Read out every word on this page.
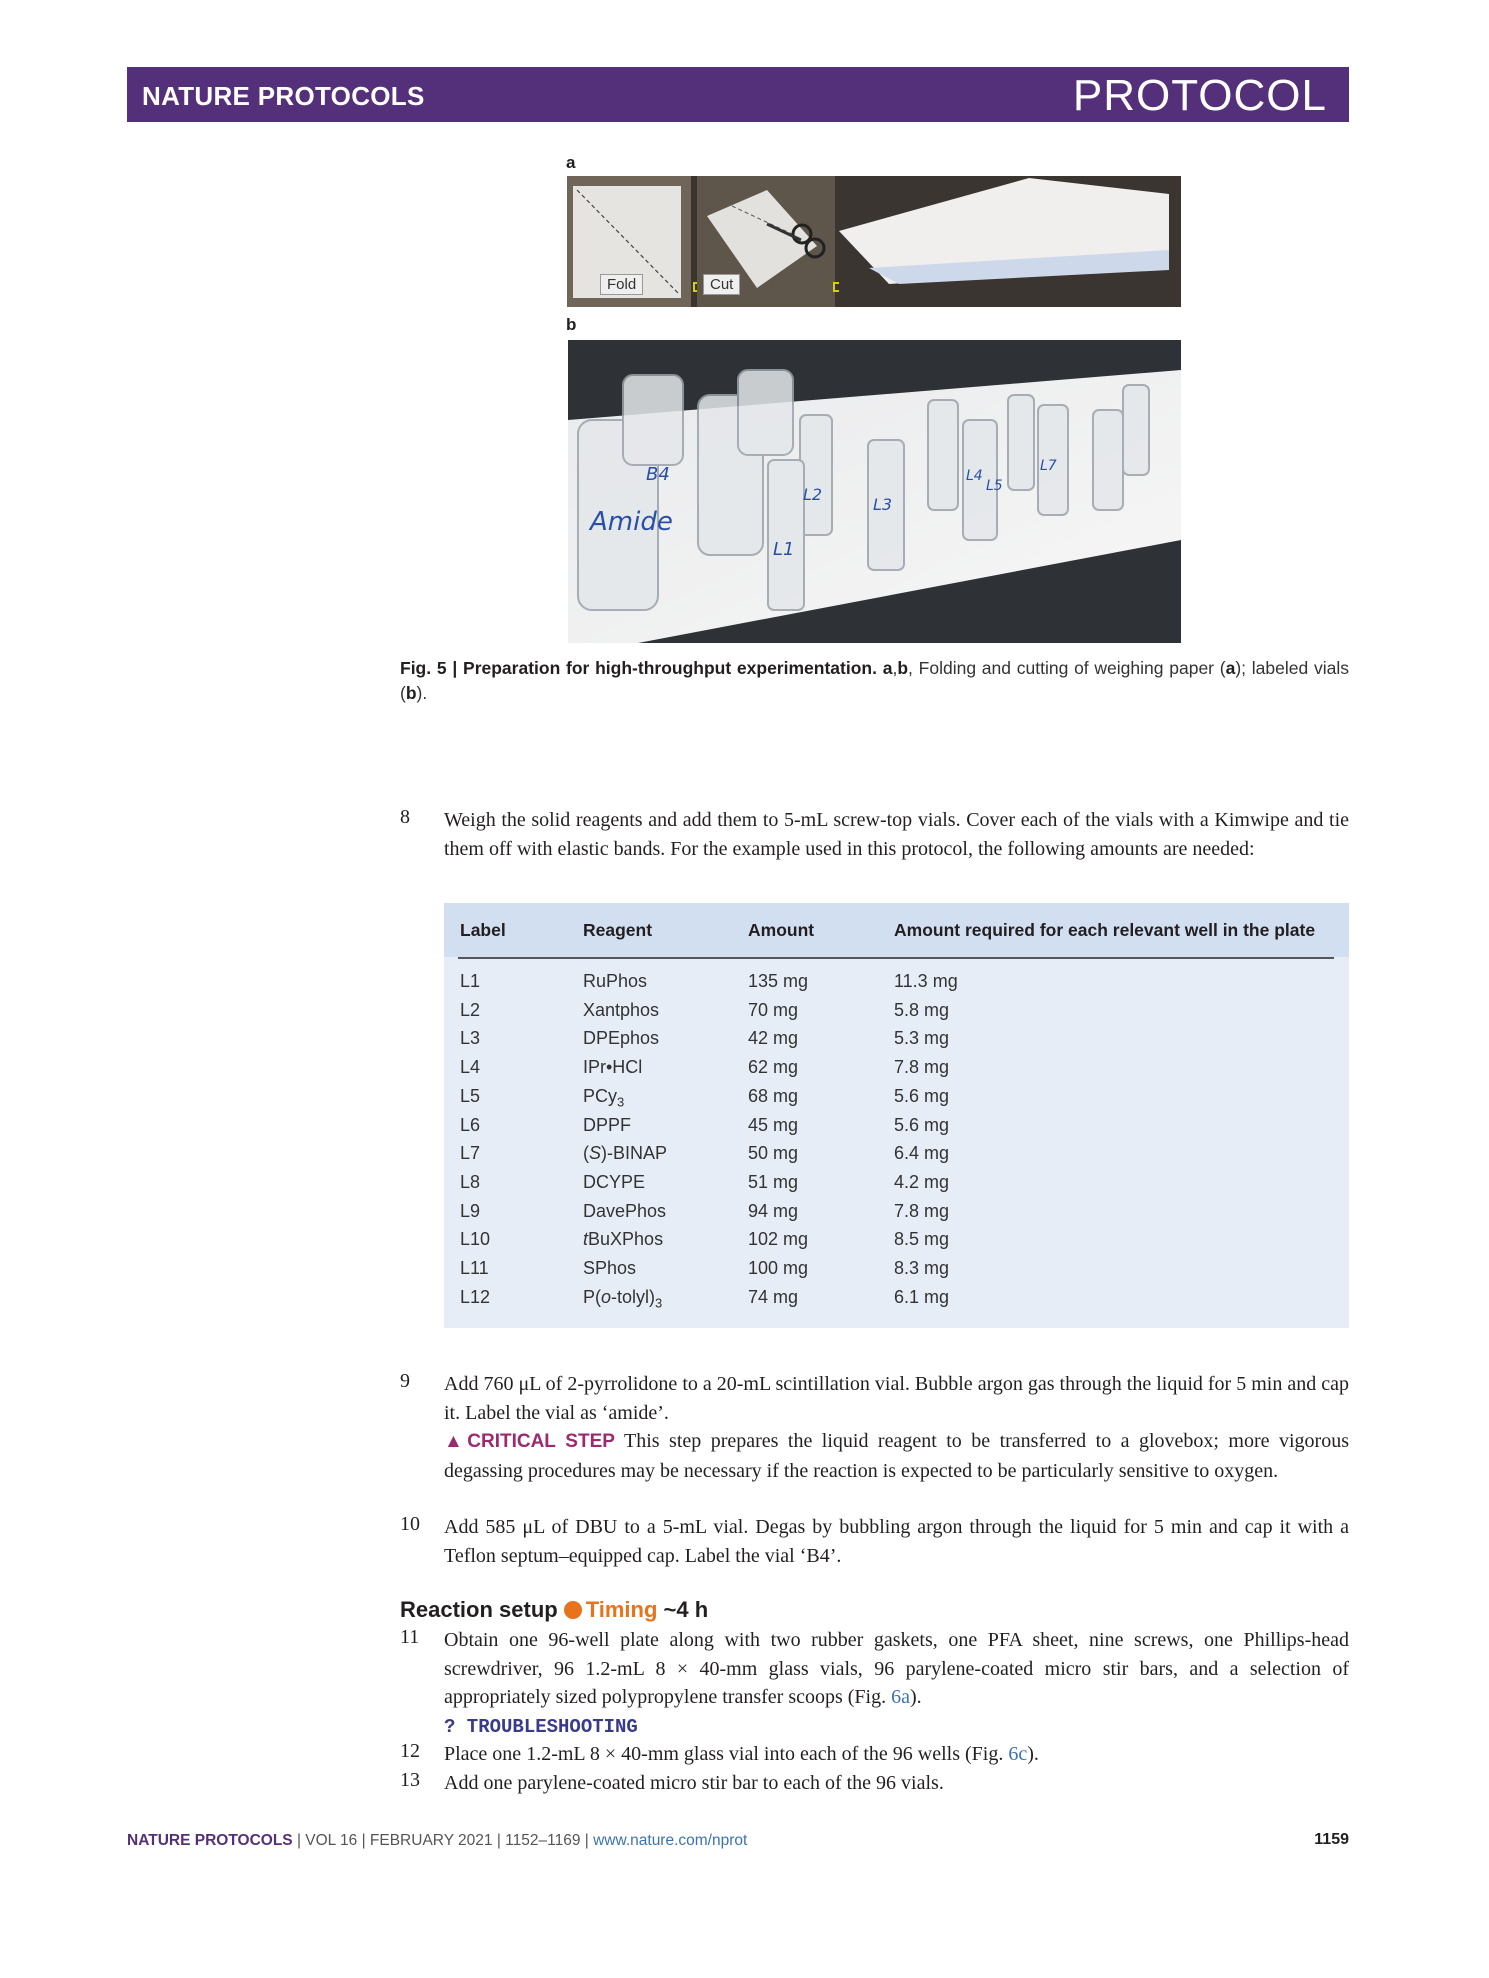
NATURE PROTOCOLS	PROTOCOL
a
Fold	Cut
b
Amide
B4
L1
L2
L3
L4
L5
L7
Fig. 5 | Preparation for high-throughput experimentation. a,b, Folding and cutting of weighing paper (a); labeled vials (b).
8 Weigh the solid reagents and add them to 5-mL screw-top vials. Cover each of the vials with a Kimwipe and tie them off with elastic bands. For the example used in this protocol, the following amounts are needed:
Label	Reagent	Amount	Amount required for each relevant well in the plate
L1	RuPhos	135 mg	11.3 mg
L2	Xantphos	70 mg	5.8 mg
L3	DPEphos	42 mg	5.3 mg
L4	IPr•HCl	62 mg	7.8 mg
L5	PCy$_3$	68 mg	5.6 mg
L6	DPPF	45 mg	5.6 mg
L7	(S)-BINAP	50 mg	6.4 mg
L8	DCYPE	51 mg	4.2 mg
L9	DavePhos	94 mg	7.8 mg
L10	tBuXPhos	102 mg	8.5 mg
L11	SPhos	100 mg	8.3 mg
L12	$P(o-tolyl)_3$	74 mg	6.1 mg
9 Add 760 μL of 2-pyrrolidone to a 20-mL scintillation vial. Bubble argon gas through the liquid for 5 min and cap it. Label the vial as ‘amide’.
▲CRITICAL STEP This step prepares the liquid reagent to be transferred to a glovebox; more vigorous degassing procedures may be necessary if the reaction is expected to be particularly sensitive to oxygen.
10 Add 585 μL of DBU to a 5-mL vial. Degas by bubbling argon through the liquid for 5 min and cap it with a Teflon septum–equipped cap. Label the vial ‘B4’.
Reaction setup Timing ~4 h
11 Obtain one 96-well plate along with two rubber gaskets, one PFA sheet, nine screws, one Phillips-head screwdriver, 96 1.2-mL 8 × 40-mm glass vials, 96 parylene-coated micro stir bars, and a selection of appropriately sized polypropylene transfer scoops (Fig. 6a).
? TROUBLESHOOTING
12 Place one 1.2-mL 8 × 40-mm glass vial into each of the 96 wells (Fig. 6c).
13 Add one parylene-coated micro stir bar to each of the 96 vials.
NATURE PROTOCOLS | VOL 16 | FEBRUARY 2021 | 1152–1169 | www.nature.com/nprot	1159
